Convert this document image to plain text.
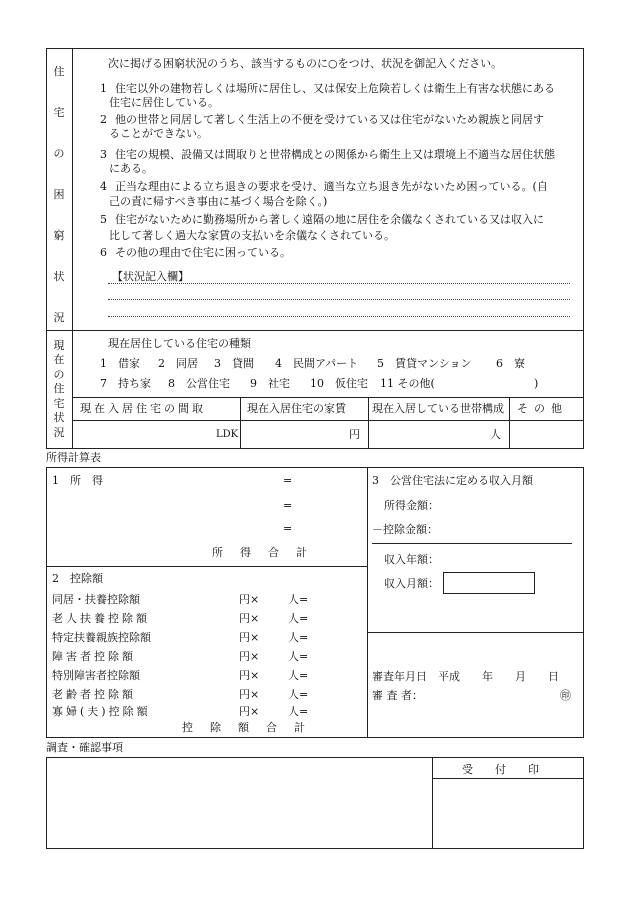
住
宅
の
困
窮
状
況
次に掲げる困窮状況のうち、該当するものに○をつけ、状況を御記入ください。
1 住宅以外の建物若しくは場所に居住し、又は保安上危険若しくは衛生上有害な状態にある
住宅に居住している。
2 他の世帯と同居して著しく生活上の不便を受けている又は住宅がないため親族と同居す
ることができない。
3 住宅の規模、設備又は間取りと世帯構成との関係から衛生上又は環境上不適当な居住状態
にある。
4 正当な理由による立ち退きの要求を受け、適当な立ち退き先がないため困っている。(自
己の責に帰すべき事由に基づく場合を除く。)
5 住宅がないために勤務場所から著しく遠隔の地に居住を余儀なくされている又は収入に
比して著しく過大な家賃の支払いを余儀なくされている。
6 その他の理由で住宅に困っている。
【状況記入欄】
現
在
の
住
宅
状
況
現在居住している住宅の種類
1　借家 2　同居 3　貸間 4　民間アパート 5　賃貸マンション 6　寮
7　持ち家 8　公営住宅 9　社宅 10　仮住宅 11 その他(	)
現在入居住宅の間取	現在入居住宅の家賃 現在入居している世帯構成 その他
LDK	円	人
所得計算表
1　所　得	=
=
=
所　得　合　計
2　控除額
同居・扶養控除額	円×	人=
老人扶養控除額	円×	人=
特定扶養親族控除額	円×	人=
障害者控除額	円×	人=
特別障害者控除額	円×	人=
老齢者控除額	円×	人=
寡婦(夫)控除額	円×	人=
控　除　額　合　計
3　公営住宅法に定める収入月額
所得金額：
－控除金額：
収入年額：
収入月額：
審査年月日　平成　　年　　月　　日
審 査 者：	㊞
調査・確認事項
受　　付　　印
